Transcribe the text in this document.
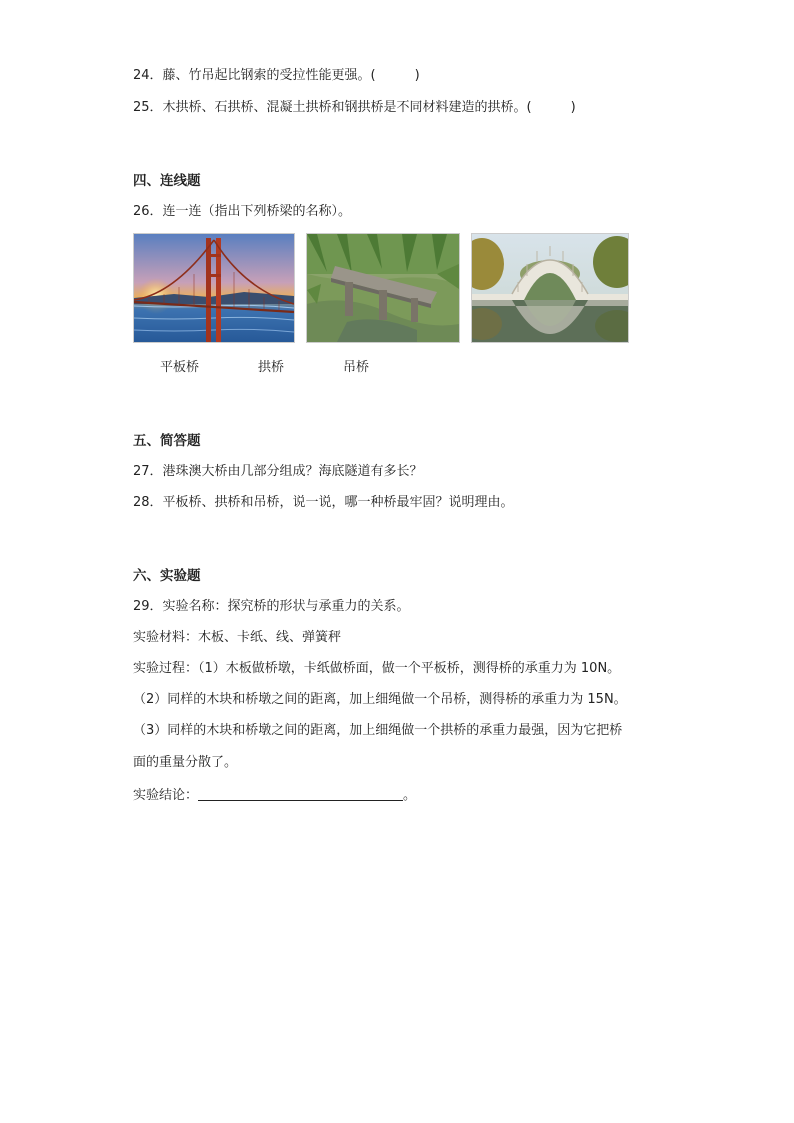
24．藤、竹吊起比钢索的受拉性能更强。(　　　)
25．木拱桥、石拱桥、混凝土拱桥和钢拱桥是不同材料建造的拱桥。(　　　)
四、连线题
26．连一连（指出下列桥梁的名称）。
平板桥	拱桥	吊桥
五、简答题
27．港珠澳大桥由几部分组成？海底隧道有多长？
28．平板桥、拱桥和吊桥，说一说，哪一种桥最牢固？说明理由。
六、实验题
29．实验名称：探究桥的形状与承重力的关系。
实验材料：木板、卡纸、线、弹簧秤
实验过程：（1）木板做桥墩，卡纸做桥面，做一个平板桥，测得桥的承重力为 10N。
（2）同样的木块和桥墩之间的距离，加上细绳做一个吊桥，测得桥的承重力为 15N。
（3）同样的木块和桥墩之间的距离，加上细绳做一个拱桥的承重力最强，因为它把桥
面的重量分散了。
实验结论：	。
